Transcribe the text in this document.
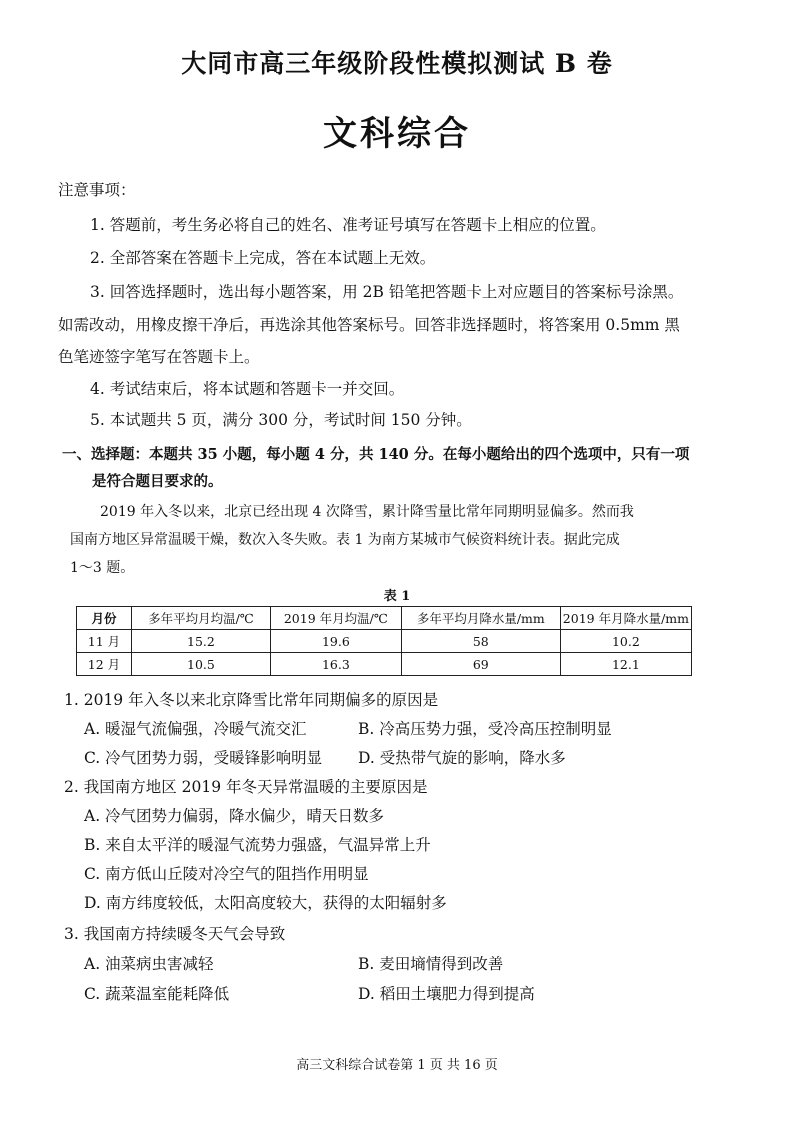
大同市高三年级阶段性模拟测试 B 卷
文科综合
注意事项：
1. 答题前，考生务必将自己的姓名、准考证号填写在答题卡上相应的位置。
2. 全部答案在答题卡上完成，答在本试题上无效。
3. 回答选择题时，选出每小题答案，用 2B 铅笔把答题卡上对应题目的答案标号涂黑。
如需改动，用橡皮擦干净后，再选涂其他答案标号。回答非选择题时，将答案用 0.5mm 黑
色笔迹签字笔写在答题卡上。
4. 考试结束后，将本试题和答题卡一并交回。
5. 本试题共 5 页，满分 300 分，考试时间 150 分钟。
一、选择题：本题共 35 小题，每小题 4 分，共 140 分。在每小题给出的四个选项中，只有一项
是符合题目要求的。
2019 年入冬以来，北京已经出现 4 次降雪，累计降雪量比常年同期明显偏多。然而我
国南方地区异常温暖干燥，数次入冬失败。表 1 为南方某城市气候资料统计表。据此完成
1～3 题。
表 1
月份	多年平均月均温/℃	2019 年月均温/℃	多年平均月降水量/mm	2019 年月降水量/mm
11 月	15.2	19.6	58	10.2
12 月	10.5	16.3	69	12.1
1. 2019 年入冬以来北京降雪比常年同期偏多的原因是
A. 暖湿气流偏强，冷暖气流交汇	B. 冷高压势力强，受冷高压控制明显
C. 冷气团势力弱，受暖锋影响明显 D. 受热带气旋的影响，降水多
2. 我国南方地区 2019 年冬天异常温暖的主要原因是
A. 冷气团势力偏弱，降水偏少，晴天日数多
B. 来自太平洋的暖湿气流势力强盛，气温异常上升
C. 南方低山丘陵对冷空气的阻挡作用明显
D. 南方纬度较低，太阳高度较大，获得的太阳辐射多
3. 我国南方持续暖冬天气会导致
A. 油菜病虫害减轻	B. 麦田墒情得到改善
C. 蔬菜温室能耗降低	D. 稻田土壤肥力得到提高
高三文科综合试卷第 1 页 共 16 页
